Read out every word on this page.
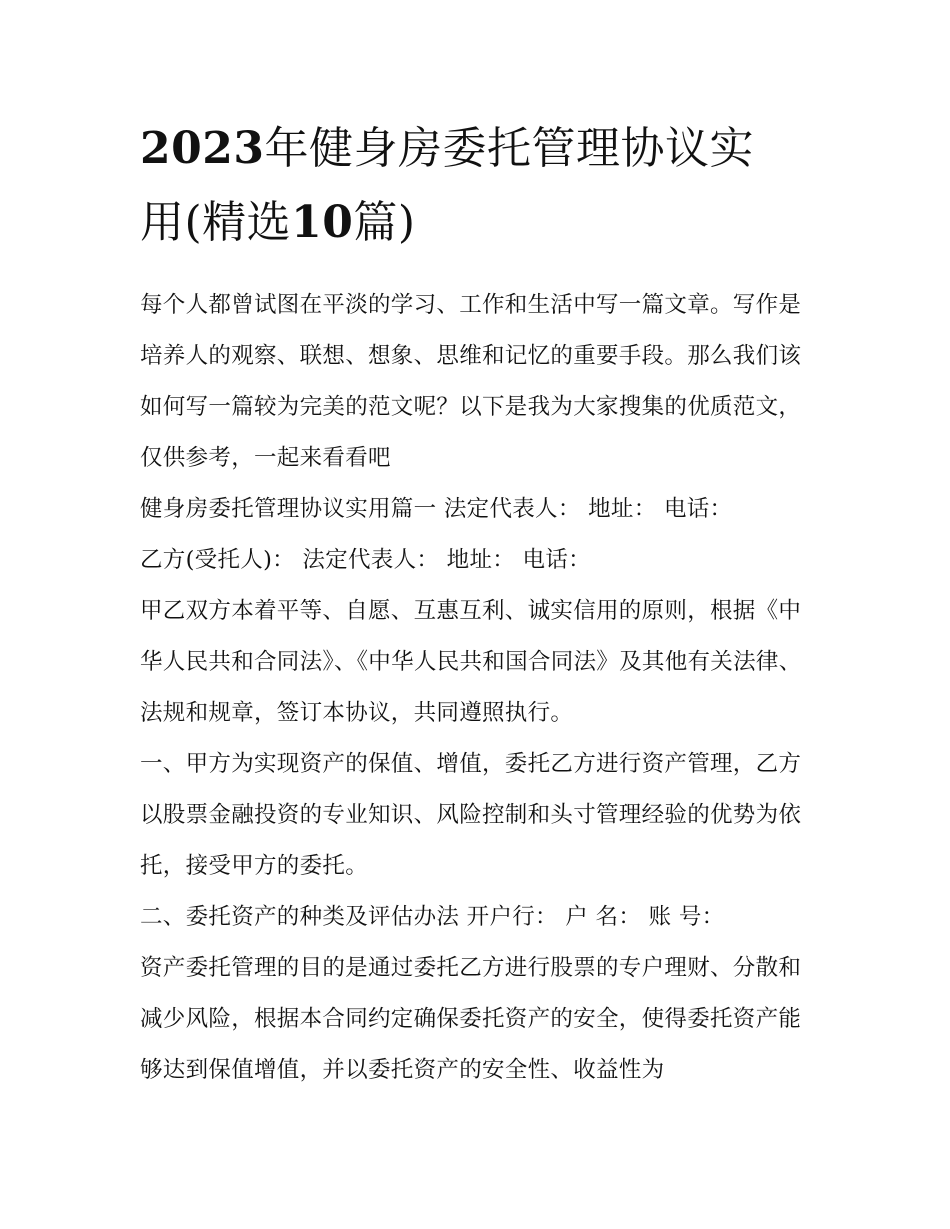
2023年健身房委托管理协议实
用(精选10篇)

每个人都曾试图在平淡的学习、工作和生活中写一篇文章。写作是培养人的观察、联想、想象、思维和记忆的重要手段。那么我们该如何写一篇较为完美的范文呢？以下是我为大家搜集的优质范文，仅供参考，一起来看看吧

健身房委托管理协议实用篇一 法定代表人： 地址： 电话：

乙方(受托人)： 法定代表人： 地址： 电话：

甲乙双方本着平等、自愿、互惠互利、诚实信用的原则，根据《中华人民共和合同法》、《中华人民共和国合同法》及其他有关法律、法规和规章，签订本协议，共同遵照执行。

一、甲方为实现资产的保值、增值，委托乙方进行资产管理，乙方以股票金融投资的专业知识、风险控制和头寸管理经验的优势为依托，接受甲方的委托。

二、委托资产的种类及评估办法 开户行： 户 名： 账 号：

资产委托管理的目的是通过委托乙方进行股票的专户理财、分散和减少风险，根据本合同约定确保委托资产的安全，使得委托资产能够达到保值增值，并以委托资产的安全性、收益性为
